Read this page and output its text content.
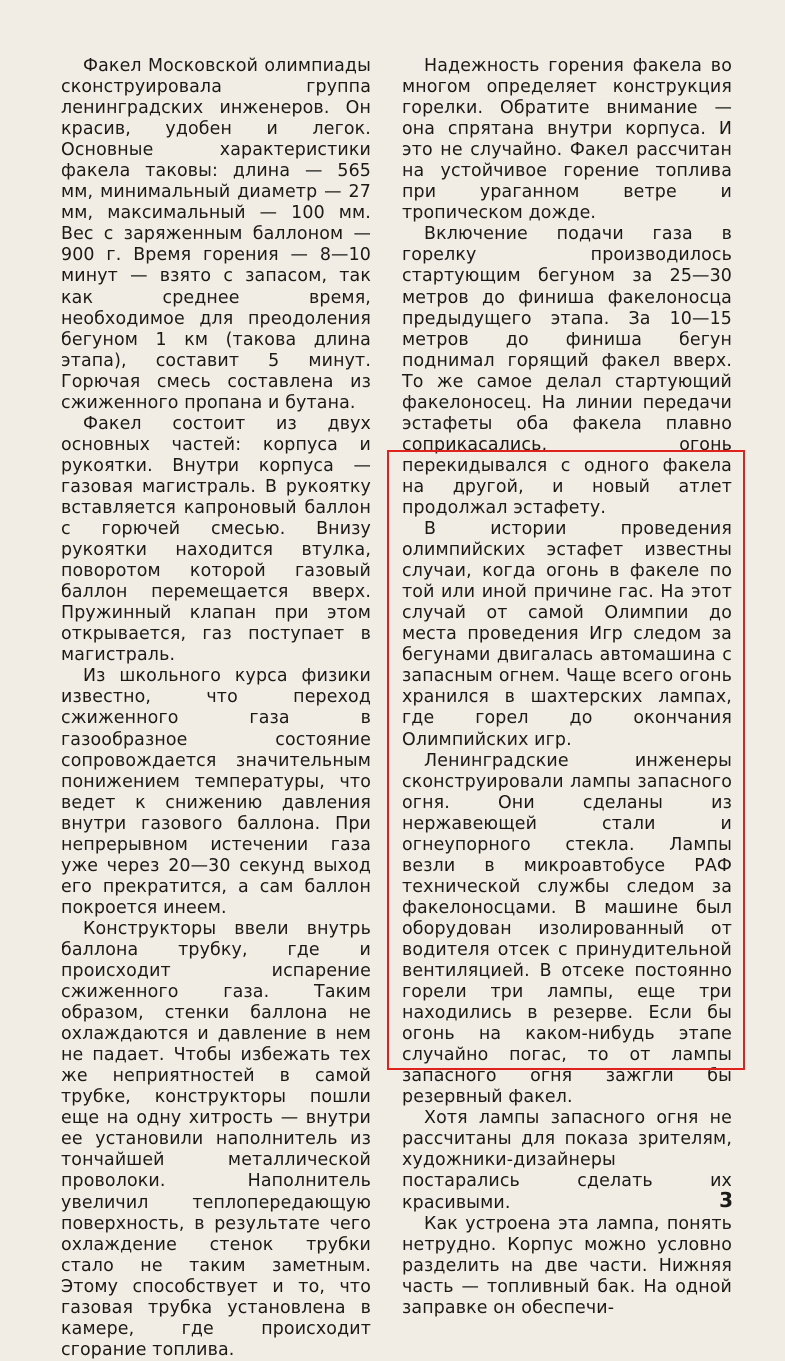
Факел Московской олимпиады сконструировала группа ленинградских инженеров. Он красив, удобен и легок. Основные характеристики факела таковы: длина — 565 мм, минимальный диаметр — 27 мм, максимальный — 100 мм. Вес с заряженным баллоном — 900 г. Время горения — 8—10 минут — взято с запасом, так как среднее время, необходимое для преодоления бегуном 1 км (такова длина этапа), составит 5 минут. Горючая смесь составлена из сжиженного пропана и бутана.

Факел состоит из двух основных частей: корпуса и рукоятки. Внутри корпуса — газовая магистраль. В рукоятку вставляется капроновый баллон с горючей смесью. Внизу рукоятки находится втулка, поворотом которой газовый баллон перемещается вверх. Пружинный клапан при этом открывается, газ поступает в магистраль.

Из школьного курса физики известно, что переход сжиженного газа в газообразное состояние сопровождается значительным понижением температуры, что ведет к снижению давления внутри газового баллона. При непрерывном истечении газа уже через 20—30 секунд выход его прекратится, а сам баллон покроется инеем.

Конструкторы ввели внутрь баллона трубку, где и происходит испарение сжиженного газа. Таким образом, стенки баллона не охлаждаются и давление в нем не падает. Чтобы избежать тех же неприятностей в самой трубке, конструкторы пошли еще на одну хитрость — внутри ее установили наполнитель из тончайшей металлической проволоки. Наполнитель увеличил теплопередающую поверхность, в результате чего охлаждение стенок трубки стало не таким заметным. Этому способствует и то, что газовая трубка установлена в камере, где происходит сгорание топлива.

Надежность горения факела во многом определяет конструкция горелки. Обратите внимание — она спрятана внутри корпуса. И это не случайно. Факел рассчитан на устойчивое горение топлива при ураганном ветре и тропическом дожде.

Включение подачи газа в горелку производилось стартующим бегуном за 25—30 метров до финиша факелоносца предыдущего этапа. За 10—15 метров до финиша бегун поднимал горящий факел вверх. То же самое делал стартующий факелоносец. На линии передачи эстафеты оба факела плавно соприкасались, огонь перекидывался с одного факела на другой, и новый атлет продолжал эстафету.

В истории проведения олимпийских эстафет известны случаи, когда огонь в факеле по той или иной причине гас. На этот случай от самой Олимпии до места проведения Игр следом за бегунами двигалась автомашина с запасным огнем. Чаще всего огонь хранился в шахтерских лампах, где горел до окончания Олимпийских игр.

Ленинградские инженеры сконструировали лампы запасного огня. Они сделаны из нержавеющей стали и огнеупорного стекла. Лампы везли в микроавтобусе РАФ технической службы следом за факелоносцами. В машине был оборудован изолированный от водителя отсек с принудительной вентиляцией. В отсеке постоянно горели три лампы, еще три находились в резерве. Если бы огонь на каком-нибудь этапе случайно погас, то от лампы запасного огня зажгли бы резервный факел.

Хотя лампы запасного огня не рассчитаны для показа зрителям, художники-дизайнеры постарались сделать их красивыми.

Как устроена эта лампа, понять нетрудно. Корпус можно условно разделить на две части. Нижняя часть — топливный бак. На одной заправке он обеспечи-

3
